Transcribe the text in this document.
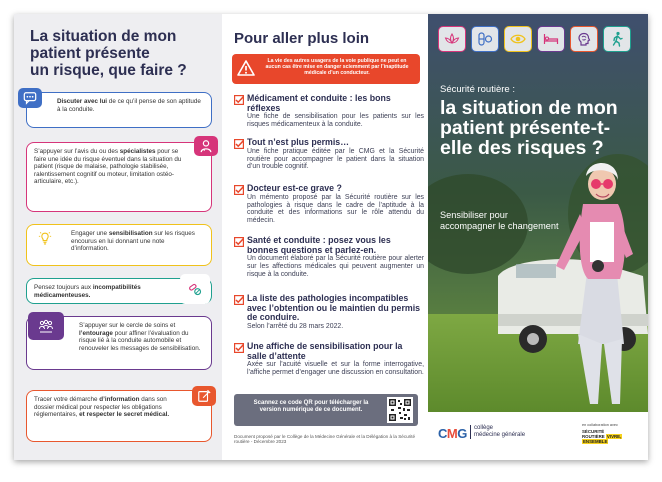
La situation de mon
patient présente
un risque, que faire ?
Discuter avec lui de ce qu’il pense de son aptitude à la conduite.
S’appuyer sur l’avis du ou des spécialistes pour se faire une idée du risque éventuel dans la situation du patient (risque de malaise, pathologie stabilisée, ralentissement cognitif ou moteur, limitation ostéo-articulaire, etc.).
Engager une sensibilisation sur les risques encourus en lui donnant une note d’information.
Pensez toujours aux incompatibilités médicamenteuses.
S’appuyer sur le cercle de soins et l’entourage pour affiner l’évaluation du risque lié à la conduite automobile et renouveler les messages de sensibilisation.
Tracer votre démarche d’information dans son dossier médical pour respecter les obligations réglementaires, et respecter le secret médical.
Pour aller plus loin
La vie des autres usagers de la voie publique ne peut en aucun cas être mise en danger sciemment par l’inaptitude médicale d’un conducteur.
Médicament et conduite : les bons réflexes
Une fiche de sensibilisation pour les patients sur les risques médicamenteux à la conduite.
Tout n’est plus permis…
Une fiche pratique éditée par le CMG et la Sécurité routière pour accompagner le patient dans la situation d’un trouble cognitif.
Docteur est-ce grave ?
Un mémento proposé par la Sécurité routière sur les pathologies à risque dans le cadre de l’aptitude à la conduite et des informations sur le rôle attendu du médecin.
Santé et conduite : posez vous les bonnes questions et parlez-en.
Un document élaboré par la Sécurité routière pour alerter sur les affections médicales qui peuvent augmenter un risque à la conduite.
La liste des pathologies incompatibles avec l’obtention ou le maintien du permis de conduire.
Selon l’arrêté du 28 mars 2022.
Une affiche de sensibilisation pour la salle d’attente
Axée sur l’acuité visuelle et sur la forme interrogative, l’affiche permet d’engager une discussion en consultation.
Scannez ce code QR pour télécharger la version numérique de ce document.
Document proposé par le Collège de la Médecine Générale et la Délégation à la Sécurité routière - Décembre 2023
Sécurité routière :
la situation de mon patient présente-t-elle des risques ?
Sensibiliser pour accompagner le changement
CMG collège
médecine générale
en collaboration avec
SÉCURITÉ
ROUTIÈRE VIVRE,
ENSEMBLE
